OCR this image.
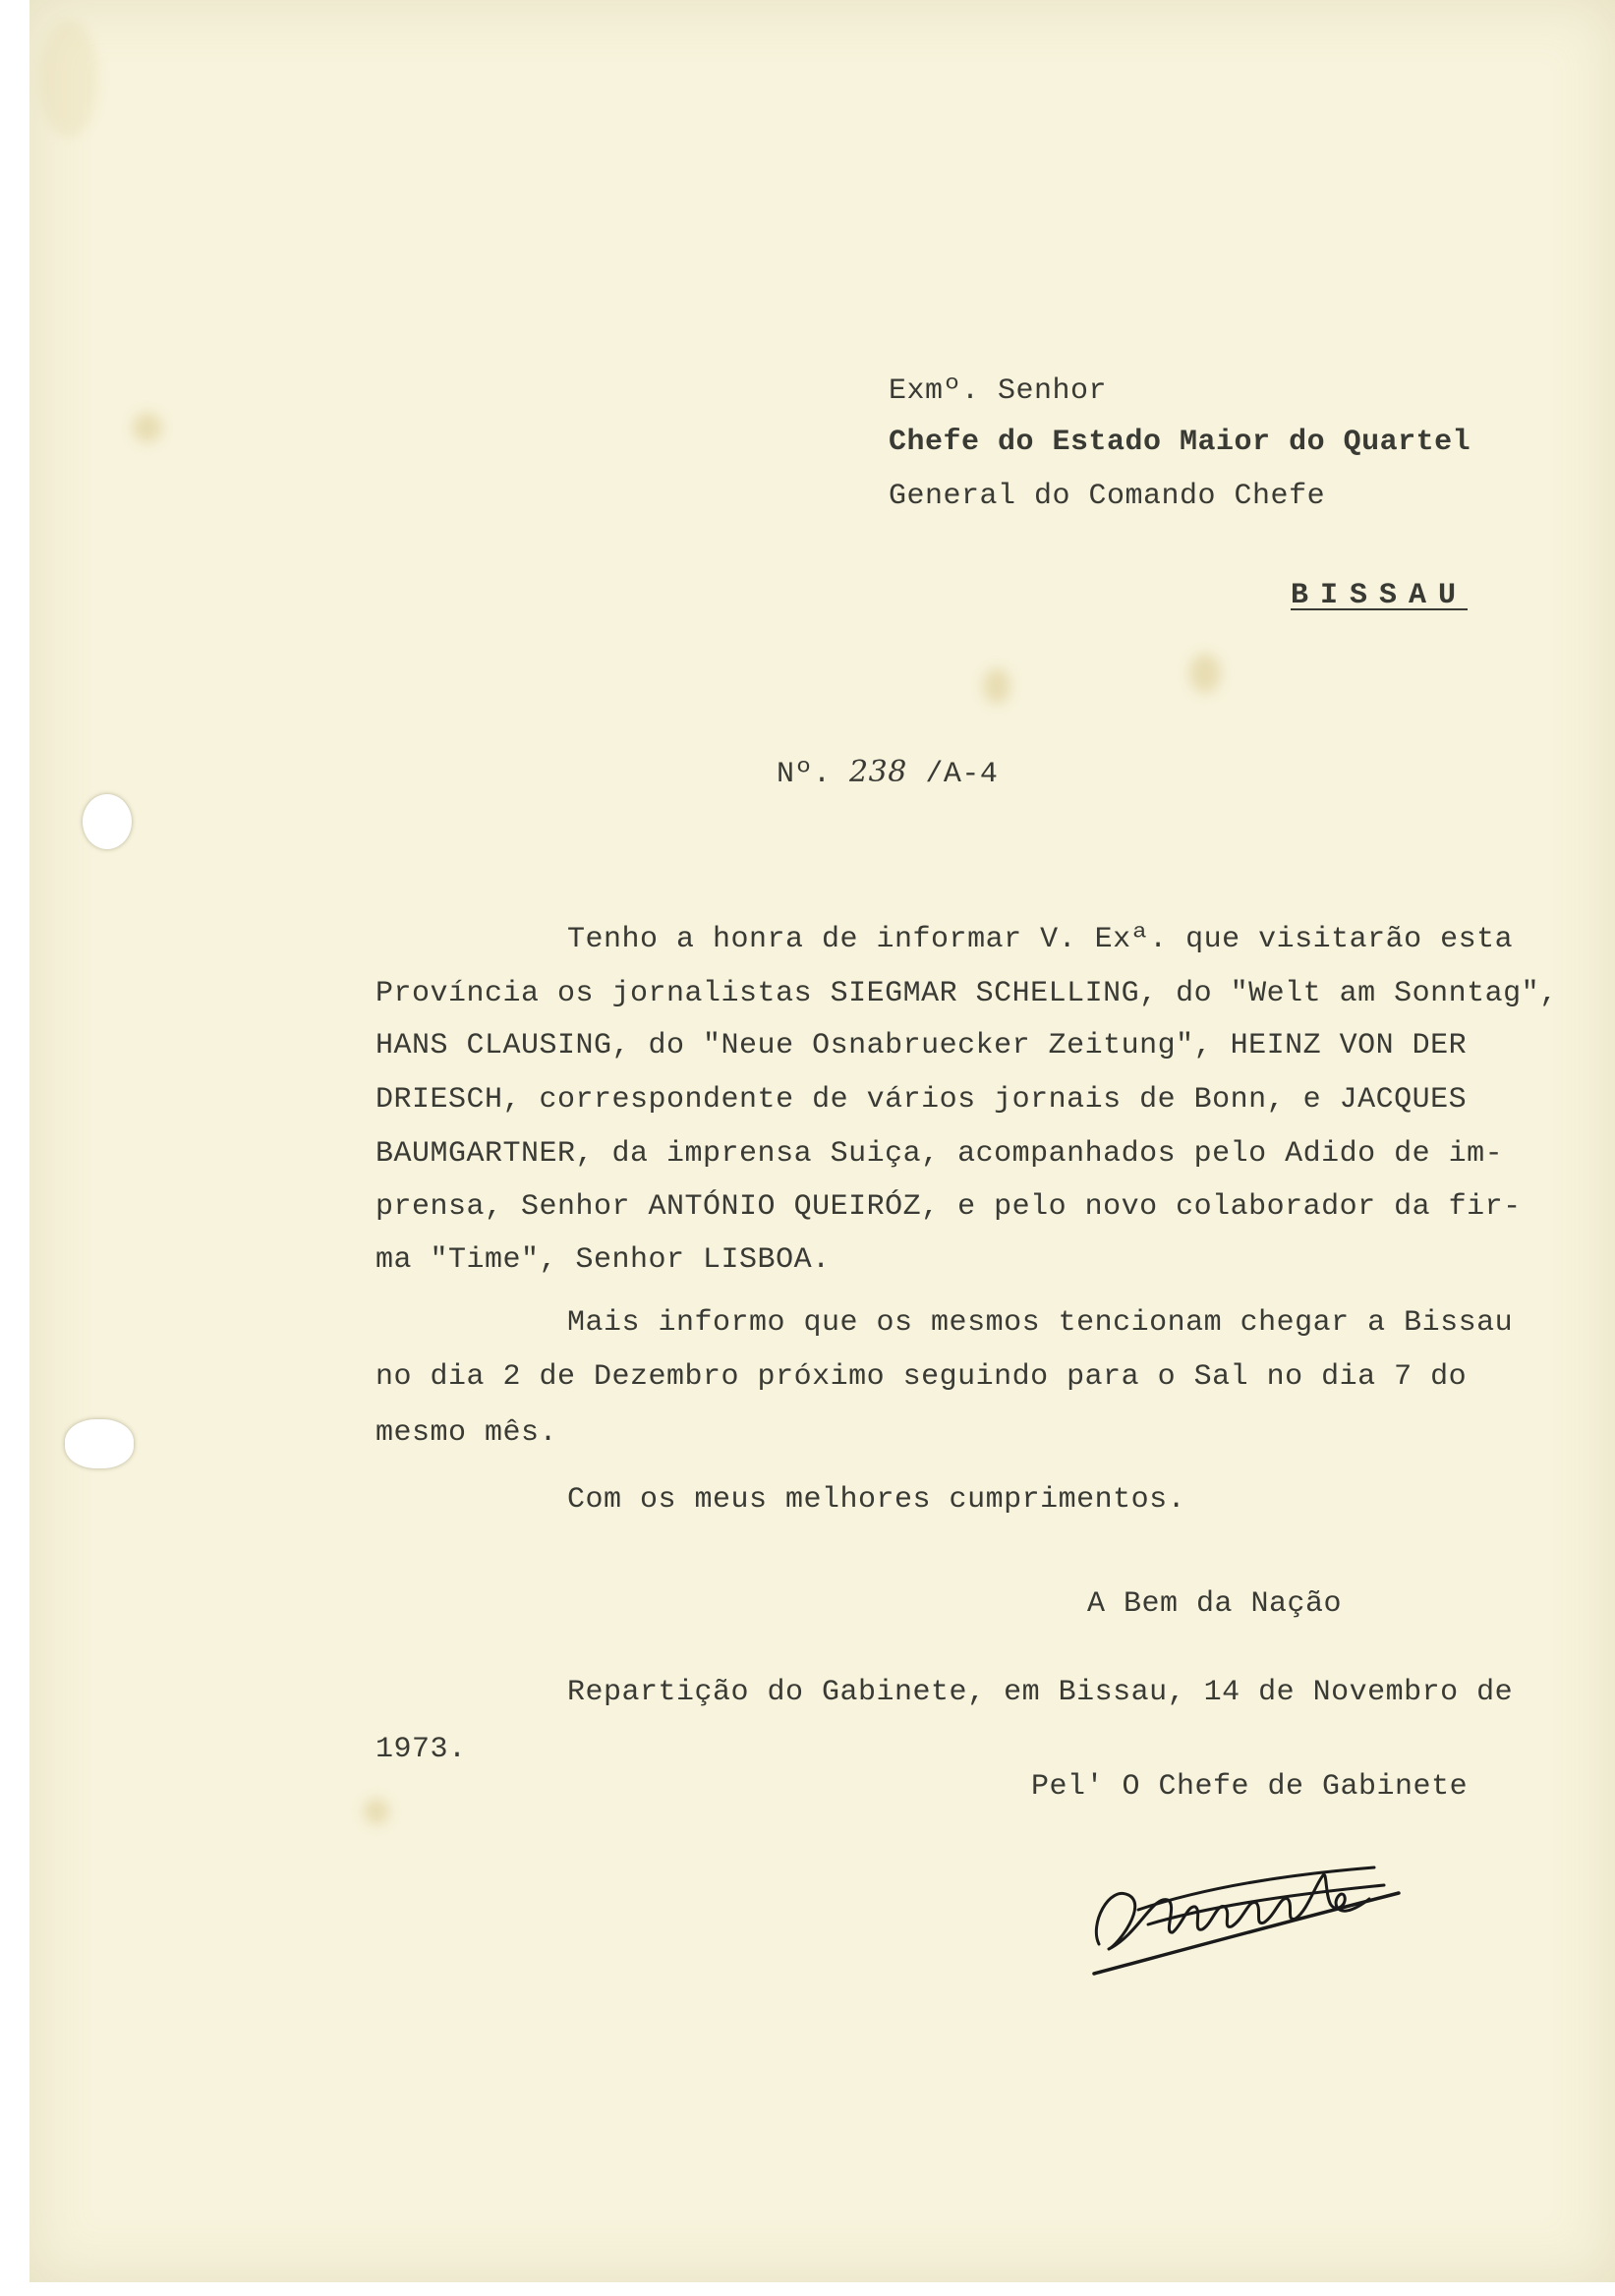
Exmº. Senhor
Chefe do Estado Maior do Quartel
General do Comando Chefe
BISSAU
Nº. 238 /A-4
Tenho a honra de informar V. Exª. que visitarão esta
Província os jornalistas SIEGMAR SCHELLING, do "Welt am Sonntag",
HANS CLAUSING, do "Neue Osnabruecker Zeitung", HEINZ VON DER
DRIESCH, correspondente de vários jornais de Bonn, e JACQUES
BAUMGARTNER, da imprensa Suiça, acompanhados pelo Adido de im-
prensa, Senhor ANTÓNIO QUEIRÓZ, e pelo novo colaborador da fir-
ma "Time", Senhor LISBOA.
Mais informo que os mesmos tencionam chegar a Bissau
no dia 2 de Dezembro próximo seguindo para o Sal no dia 7 do
mesmo mês.
Com os meus melhores cumprimentos.
A Bem da Nação
Repartição do Gabinete, em Bissau, 14 de Novembro de
1973.
Pel' O Chefe de Gabinete
